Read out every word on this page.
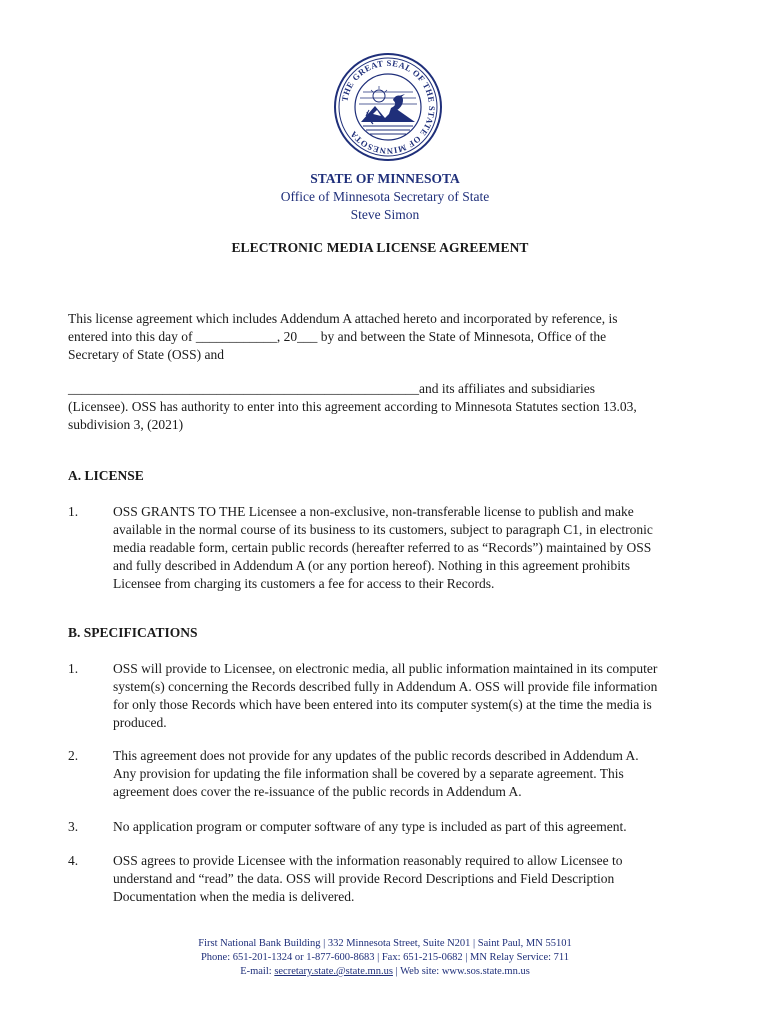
THE GREAT SEAL OF THE STATE OF MINNESOTA
STATE OF MINNESOTA
Office of Minnesota Secretary of State
Steve Simon
ELECTRONIC MEDIA LICENSE AGREEMENT
This license agreement which includes Addendum A attached hereto and incorporated by reference, is
entered into this day of ____________, 20___ by and between the State of Minnesota, Office of the
Secretary of State (OSS) and
____________________________________________________and its affiliates and subsidiaries
(Licensee). OSS has authority to enter into this agreement according to Minnesota Statutes section 13.03,
subdivision 3, (2021)
A. LICENSE
1.	OSS GRANTS TO THE Licensee a non-exclusive, non-transferable license to publish and make
available in the normal course of its business to its customers, subject to paragraph C1, in electronic
media readable form, certain public records (hereafter referred to as “Records”) maintained by OSS
and fully described in Addendum A (or any portion hereof). Nothing in this agreement prohibits
Licensee from charging its customers a fee for access to their Records.
B. SPECIFICATIONS
1.	OSS will provide to Licensee, on electronic media, all public information maintained in its computer
system(s) concerning the Records described fully in Addendum A. OSS will provide file information
for only those Records which have been entered into its computer system(s) at the time the media is
produced.
2.	This agreement does not provide for any updates of the public records described in Addendum A.
Any provision for updating the file information shall be covered by a separate agreement. This
agreement does cover the re-issuance of the public records in Addendum A.
3.	No application program or computer software of any type is included as part of this agreement.
4.	OSS agrees to provide Licensee with the information reasonably required to allow Licensee to
understand and “read” the data. OSS will provide Record Descriptions and Field Description
Documentation when the media is delivered.
First National Bank Building | 332 Minnesota Street, Suite N201 | Saint Paul, MN 55101
Phone: 651-201-1324 or 1-877-600-8683 | Fax: 651-215-0682 | MN Relay Service: 711
E-mail: secretary.state.@state.mn.us | Web site: www.sos.state.mn.us
